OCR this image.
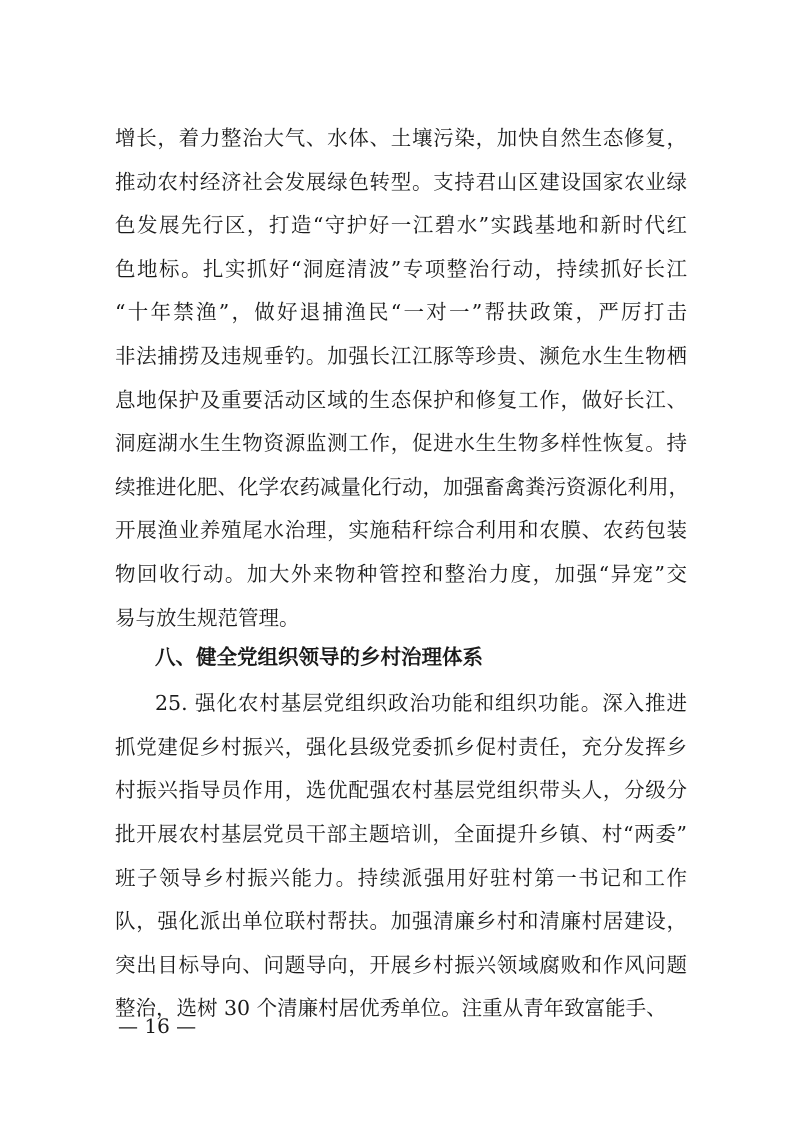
增长，着力整治大气、水体、土壤污染，加快自然生态修复，
推动农村经济社会发展绿色转型。支持君山区建设国家农业绿
色发展先行区，打造“守护好一江碧水”实践基地和新时代红
色地标。扎实抓好“洞庭清波”专项整治行动，持续抓好长江
“十年禁渔”，做好退捕渔民“一对一”帮扶政策，严厉打击
非法捕捞及违规垂钓。加强长江江豚等珍贵、濒危水生生物栖
息地保护及重要活动区域的生态保护和修复工作，做好长江、
洞庭湖水生生物资源监测工作，促进水生生物多样性恢复。持
续推进化肥、化学农药减量化行动，加强畜禽粪污资源化利用，
开展渔业养殖尾水治理，实施秸秆综合利用和农膜、农药包装
物回收行动。加大外来物种管控和整治力度，加强“异宠”交
易与放生规范管理。
八、健全党组织领导的乡村治理体系
25. 强化农村基层党组织政治功能和组织功能。深入推进
抓党建促乡村振兴，强化县级党委抓乡促村责任，充分发挥乡
村振兴指导员作用，选优配强农村基层党组织带头人，分级分
批开展农村基层党员干部主题培训，全面提升乡镇、村“两委”
班子领导乡村振兴能力。持续派强用好驻村第一书记和工作
队，强化派出单位联村帮扶。加强清廉乡村和清廉村居建设，
— 16 —
突出目标导向、问题导向，开展乡村振兴领域腐败和作风问题
整治，选树 30 个清廉村居优秀单位。注重从青年致富能手、
